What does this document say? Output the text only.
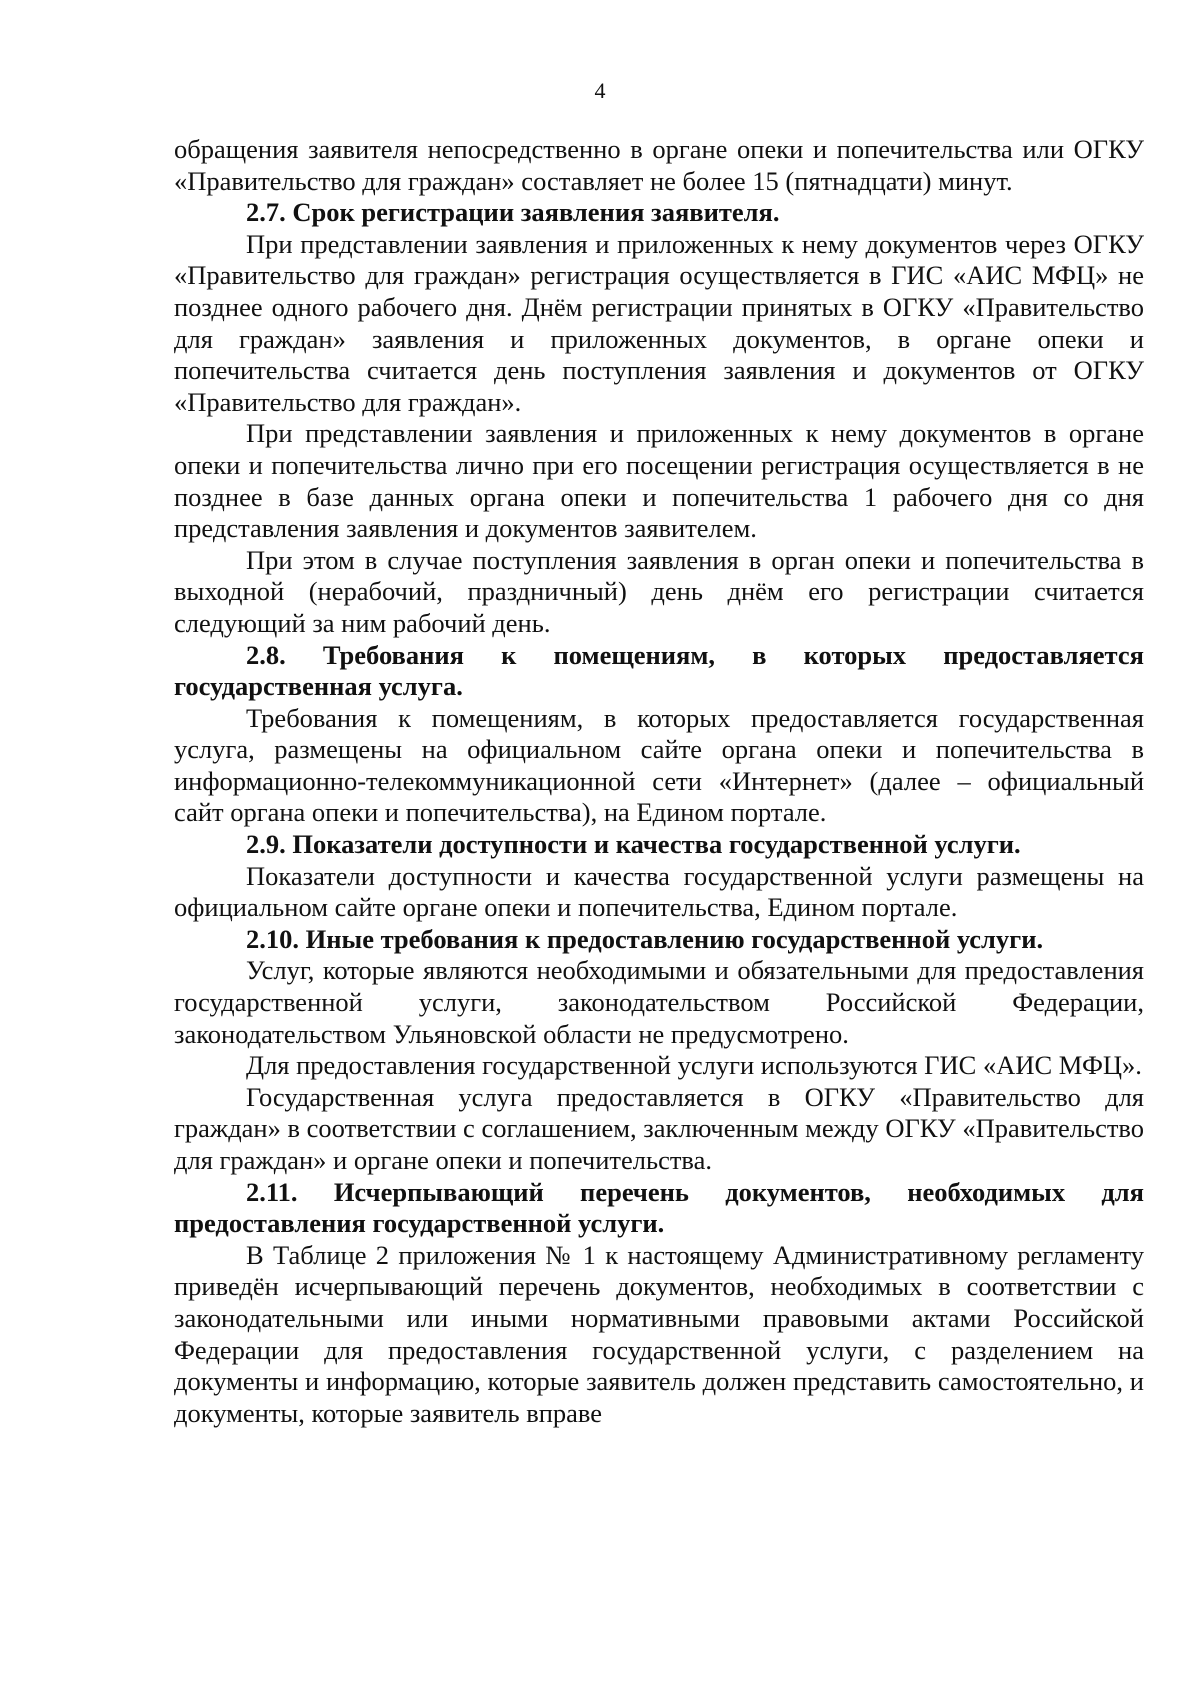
4

обращения заявителя непосредственно в органе опеки и попечительства или ОГКУ «Правительство для граждан» составляет не более 15 (пятнадцати) минут.

2.7. Срок регистрации заявления заявителя.

При представлении заявления и приложенных к нему документов через ОГКУ «Правительство для граждан» регистрация осуществляется в ГИС «АИС МФЦ» не позднее одного рабочего дня. Днём регистрации принятых в ОГКУ «Правительство для граждан» заявления и приложенных документов, в органе опеки и попечительства считается день поступления заявления и документов от ОГКУ «Правительство для граждан».

При представлении заявления и приложенных к нему документов в органе опеки и попечительства лично при его посещении регистрация осуществляется в не позднее в базе данных органа опеки и попечительства 1 рабочего дня со дня представления заявления и документов заявителем.

При этом в случае поступления заявления в орган опеки и попечительства в выходной (нерабочий, праздничный) день днём его регистрации считается следующий за ним рабочий день.

2.8. Требования к помещениям, в которых предоставляется государственная услуга.

Требования к помещениям, в которых предоставляется государственная услуга, размещены на официальном сайте органа опеки и попечительства в информационно-телекоммуникационной сети «Интернет» (далее – официальный сайт органа опеки и попечительства), на Едином портале.

2.9. Показатели доступности и качества государственной услуги.

Показатели доступности и качества государственной услуги размещены на официальном сайте органе опеки и попечительства, Едином портале.

2.10. Иные требования к предоставлению государственной услуги.

Услуг, которые являются необходимыми и обязательными для предоставления государственной услуги, законодательством Российской Федерации, законодательством Ульяновской области не предусмотрено.

Для предоставления государственной услуги используются ГИС «АИС МФЦ».

Государственная услуга предоставляется в ОГКУ «Правительство для граждан» в соответствии с соглашением, заключенным между ОГКУ «Правительство для граждан» и органе опеки и попечительства.

2.11. Исчерпывающий перечень документов, необходимых для предоставления государственной услуги.

В Таблице 2 приложения № 1 к настоящему Административному регламенту приведён исчерпывающий перечень документов, необходимых в соответствии с законодательными или иными нормативными правовыми актами Российской Федерации для предоставления государственной услуги, с разделением на документы и информацию, которые заявитель должен представить самостоятельно, и документы, которые заявитель вправе
